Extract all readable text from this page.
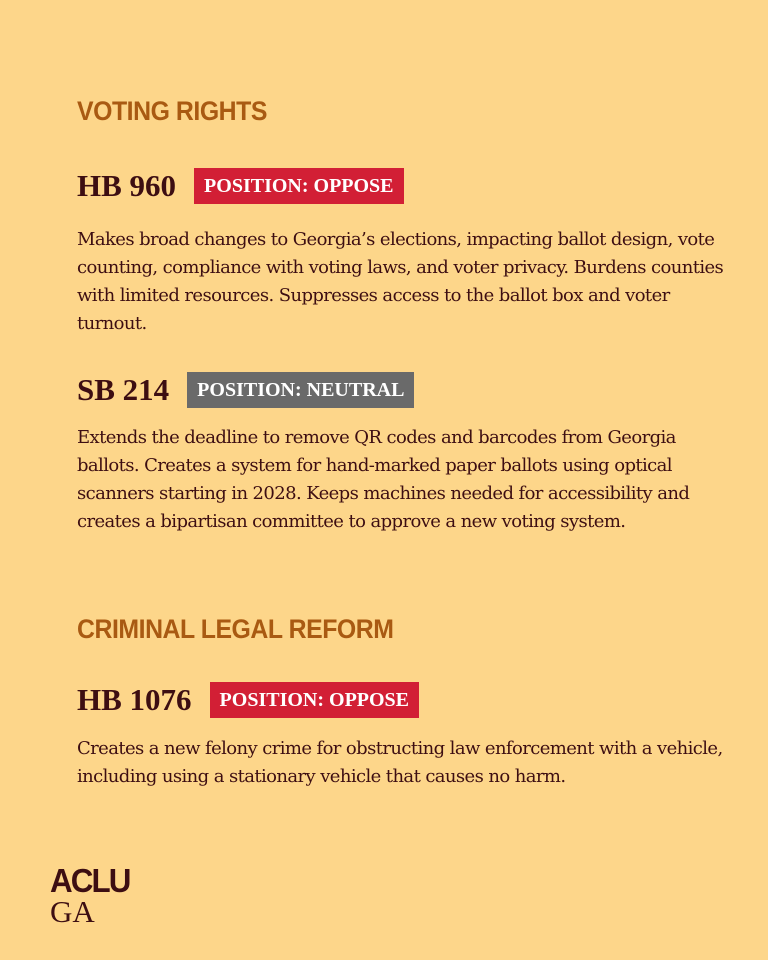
VOTING RIGHTS
HB 960	POSITION: OPPOSE

Makes broad changes to Georgia’s elections, impacting ballot design, vote counting, compliance with voting laws, and voter privacy. Burdens counties with limited resources. Suppresses access to the ballot box and voter turnout.

SB 214	POSITION: NEUTRAL

Extends the deadline to remove QR codes and barcodes from Georgia ballots. Creates a system for hand-marked paper ballots using optical scanners starting in 2028. Keeps machines needed for accessibility and creates a bipartisan committee to approve a new voting system.

CRIMINAL LEGAL REFORM
HB 1076	POSITION: OPPOSE

Creates a new felony crime for obstructing law enforcement with a vehicle, including using a stationary vehicle that causes no harm.

ACLU
GA
